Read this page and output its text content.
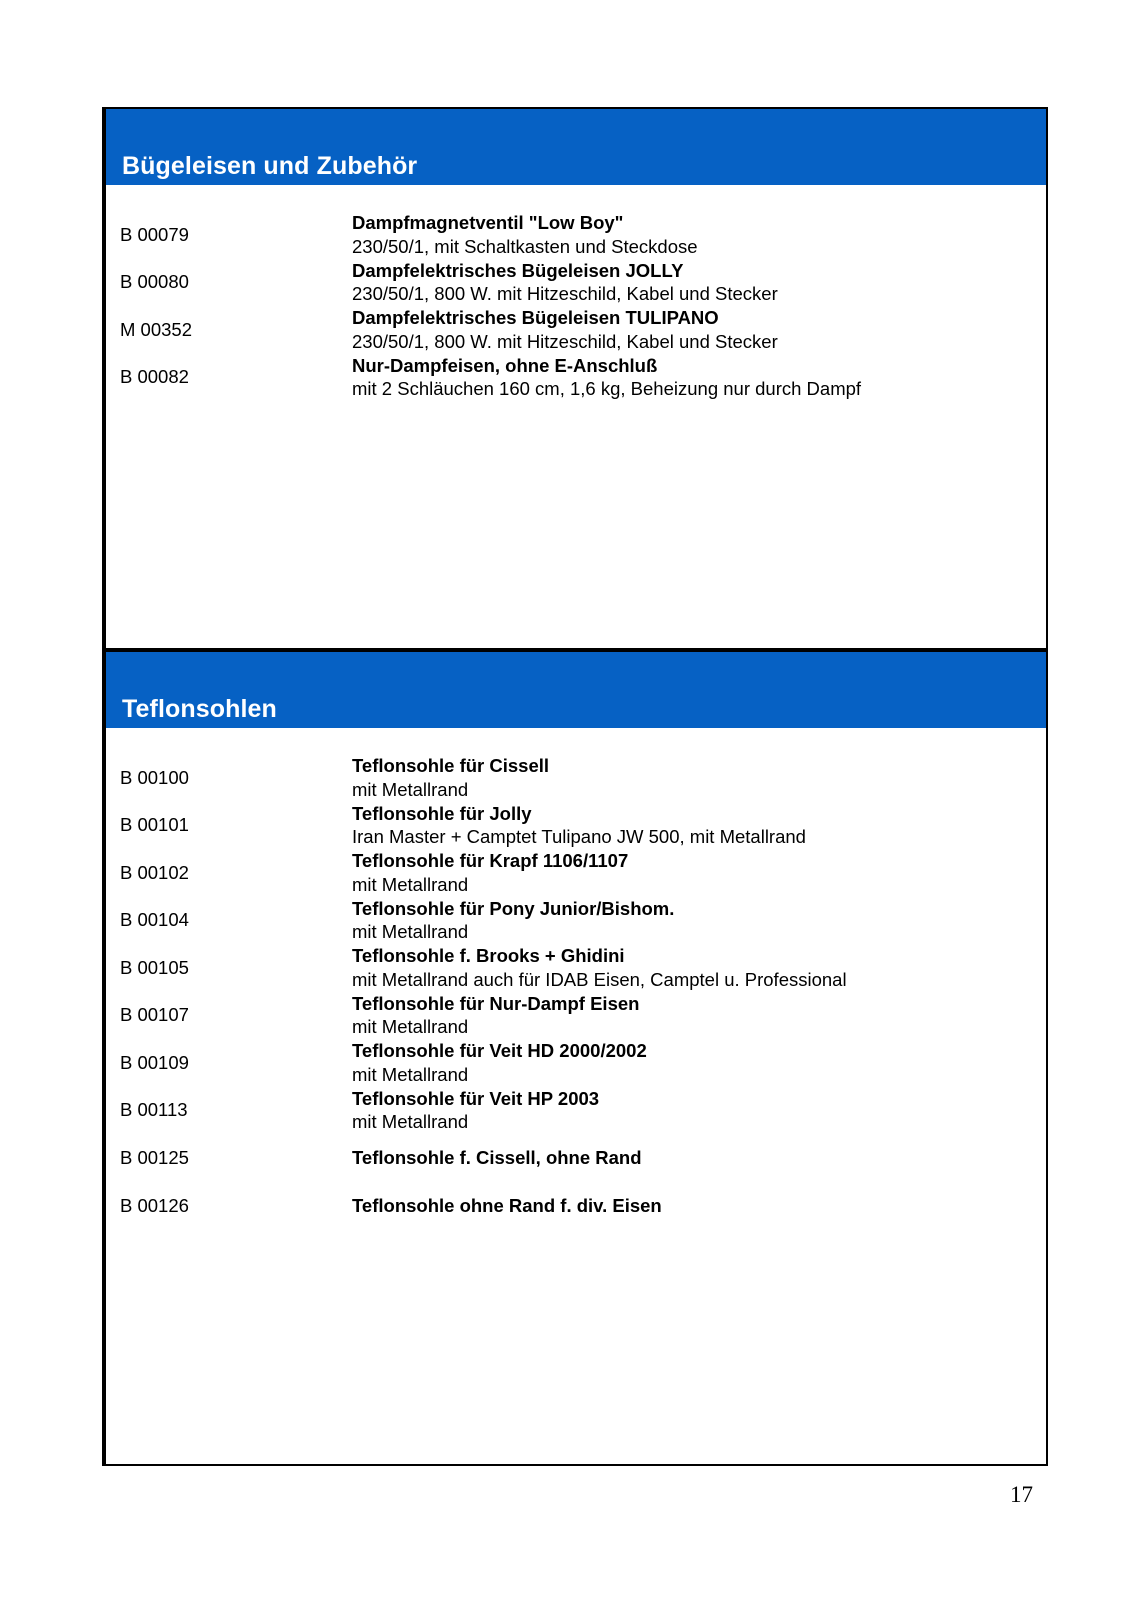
Bügeleisen und Zubehör
B 00079
Dampfmagnetventil "Low Boy"
230/50/1, mit Schaltkasten und Steckdose
B 00080
Dampfelektrisches Bügeleisen JOLLY
230/50/1, 800 W. mit Hitzeschild, Kabel und Stecker
M 00352
Dampfelektrisches Bügeleisen TULIPANO
230/50/1, 800 W. mit Hitzeschild, Kabel und Stecker
B 00082
Nur-Dampfeisen, ohne E-Anschluß
mit 2 Schläuchen 160 cm, 1,6 kg, Beheizung nur durch Dampf
Teflonsohlen
B 00100
Teflonsohle für Cissell
mit Metallrand
B 00101
Teflonsohle für Jolly
Iran Master + Camptet Tulipano JW 500, mit Metallrand
B 00102
Teflonsohle für Krapf 1106/1107
mit Metallrand
B 00104
Teflonsohle für Pony Junior/Bishom.
mit Metallrand
B 00105
Teflonsohle f. Brooks + Ghidini
mit Metallrand auch für IDAB Eisen, Camptel u. Professional
B 00107
Teflonsohle für Nur-Dampf Eisen
mit Metallrand
B 00109
Teflonsohle für Veit HD 2000/2002
mit Metallrand
B 00113
Teflonsohle für Veit HP 2003
mit Metallrand
B 00125	Teflonsohle f. Cissell, ohne Rand
B 00126	Teflonsohle ohne Rand f. div. Eisen
17
